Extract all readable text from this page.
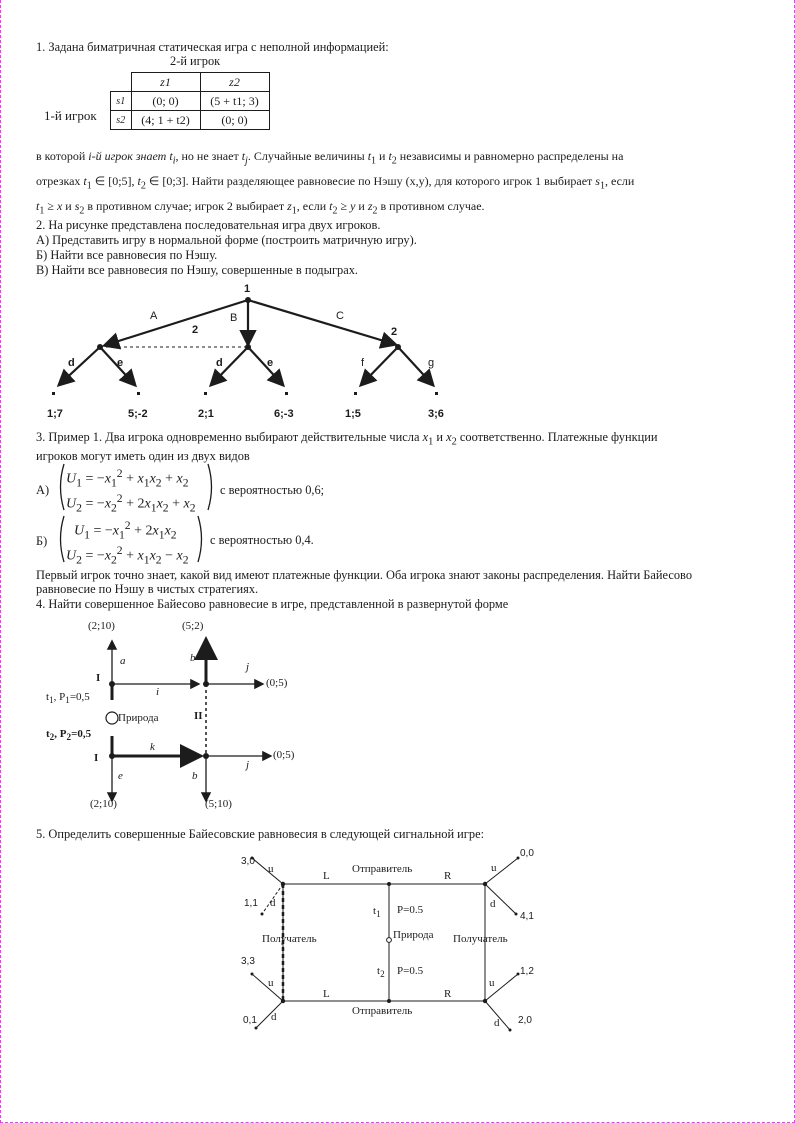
1. Задана биматричная статическая игра с неполной информацией:
2-й игрок
1-й игрок
	z1	z2
s1	(0; 0)	(5 + t1; 3)
s2	(4; 1 + t2)	(0; 0)
в которой i-й игрок знает $t_i$, но не знает $t_j$. Случайные величины $t_1$ и $t_2$ независимы и равномерно распределены на
отрезках $t_1$ ∈ [0;5], $t_2$ ∈ [0;3]. Найти разделяющее равновесие по Нэшу (x,y), для которого игрок 1 выбирает $s_1$, если
$t_1 \ge x$ и $s_2$ в противном случае; игрок 2 выбирает $z_1$, если $t_2 \ge y$ и $z_2$ в противном случае.
2. На рисунке представлена последовательная игра двух игроков.
А) Представить игру в нормальной форме (построить матричную игру).
Б) Найти все равновесия по Нэшу.
В) Найти все равновесия по Нэшу, совершенные в подыграх.
1
A	B	C
2	2
d	e	d	e	f	g
1;7	5;-2	2;1	6;-3	1;5	3;6
3. Пример 1. Два игрока одновременно выбирают действительные числа $x_1$ и $x_2$ соответственно. Платежные функции
игроков могут иметь один из двух видов
А)
$U_1 = -x_1^2 + x_1x_2 + x_2$
$U_2 = -x_2^2 + 2x_1x_2 + x_2$
с вероятностью 0,6;
Б)
$U_1 = -x_1^2 + 2x_1x_2$
$U_2 = -x_2^2 + x_1x_2 - x_2$
с вероятностью 0,4.
Первый игрок точно знает, какой вид имеют платежные функции. Оба игрока знают законы распределения. Найти Байесово
равновесие по Нэшу в чистых стратегиях.
4. Найти совершенное Байесово равновесие в игре, представленной в развернутой форме
(2;10)	(5;2)
(0;5)
(0;5)
(2;10)	(5;10)
a	b
j
i
k
e	b
j
I
I
II
Природа
$t_1$, $P_1=0,5$
$t_2$, $P_2=0,5$
5. Определить совершенные Байесовские равновесия в следующей сигнальной игре:
Отправитель
Отправитель
Получатель	Получатель
Природа
L	R
L	R
$t_1$
$t_2$
P=0.5
P=0.5
u
d
u
d
u
d
u
d
3,0
1,1
3,3
0,1
0,0
4,1
1,2
2,0
